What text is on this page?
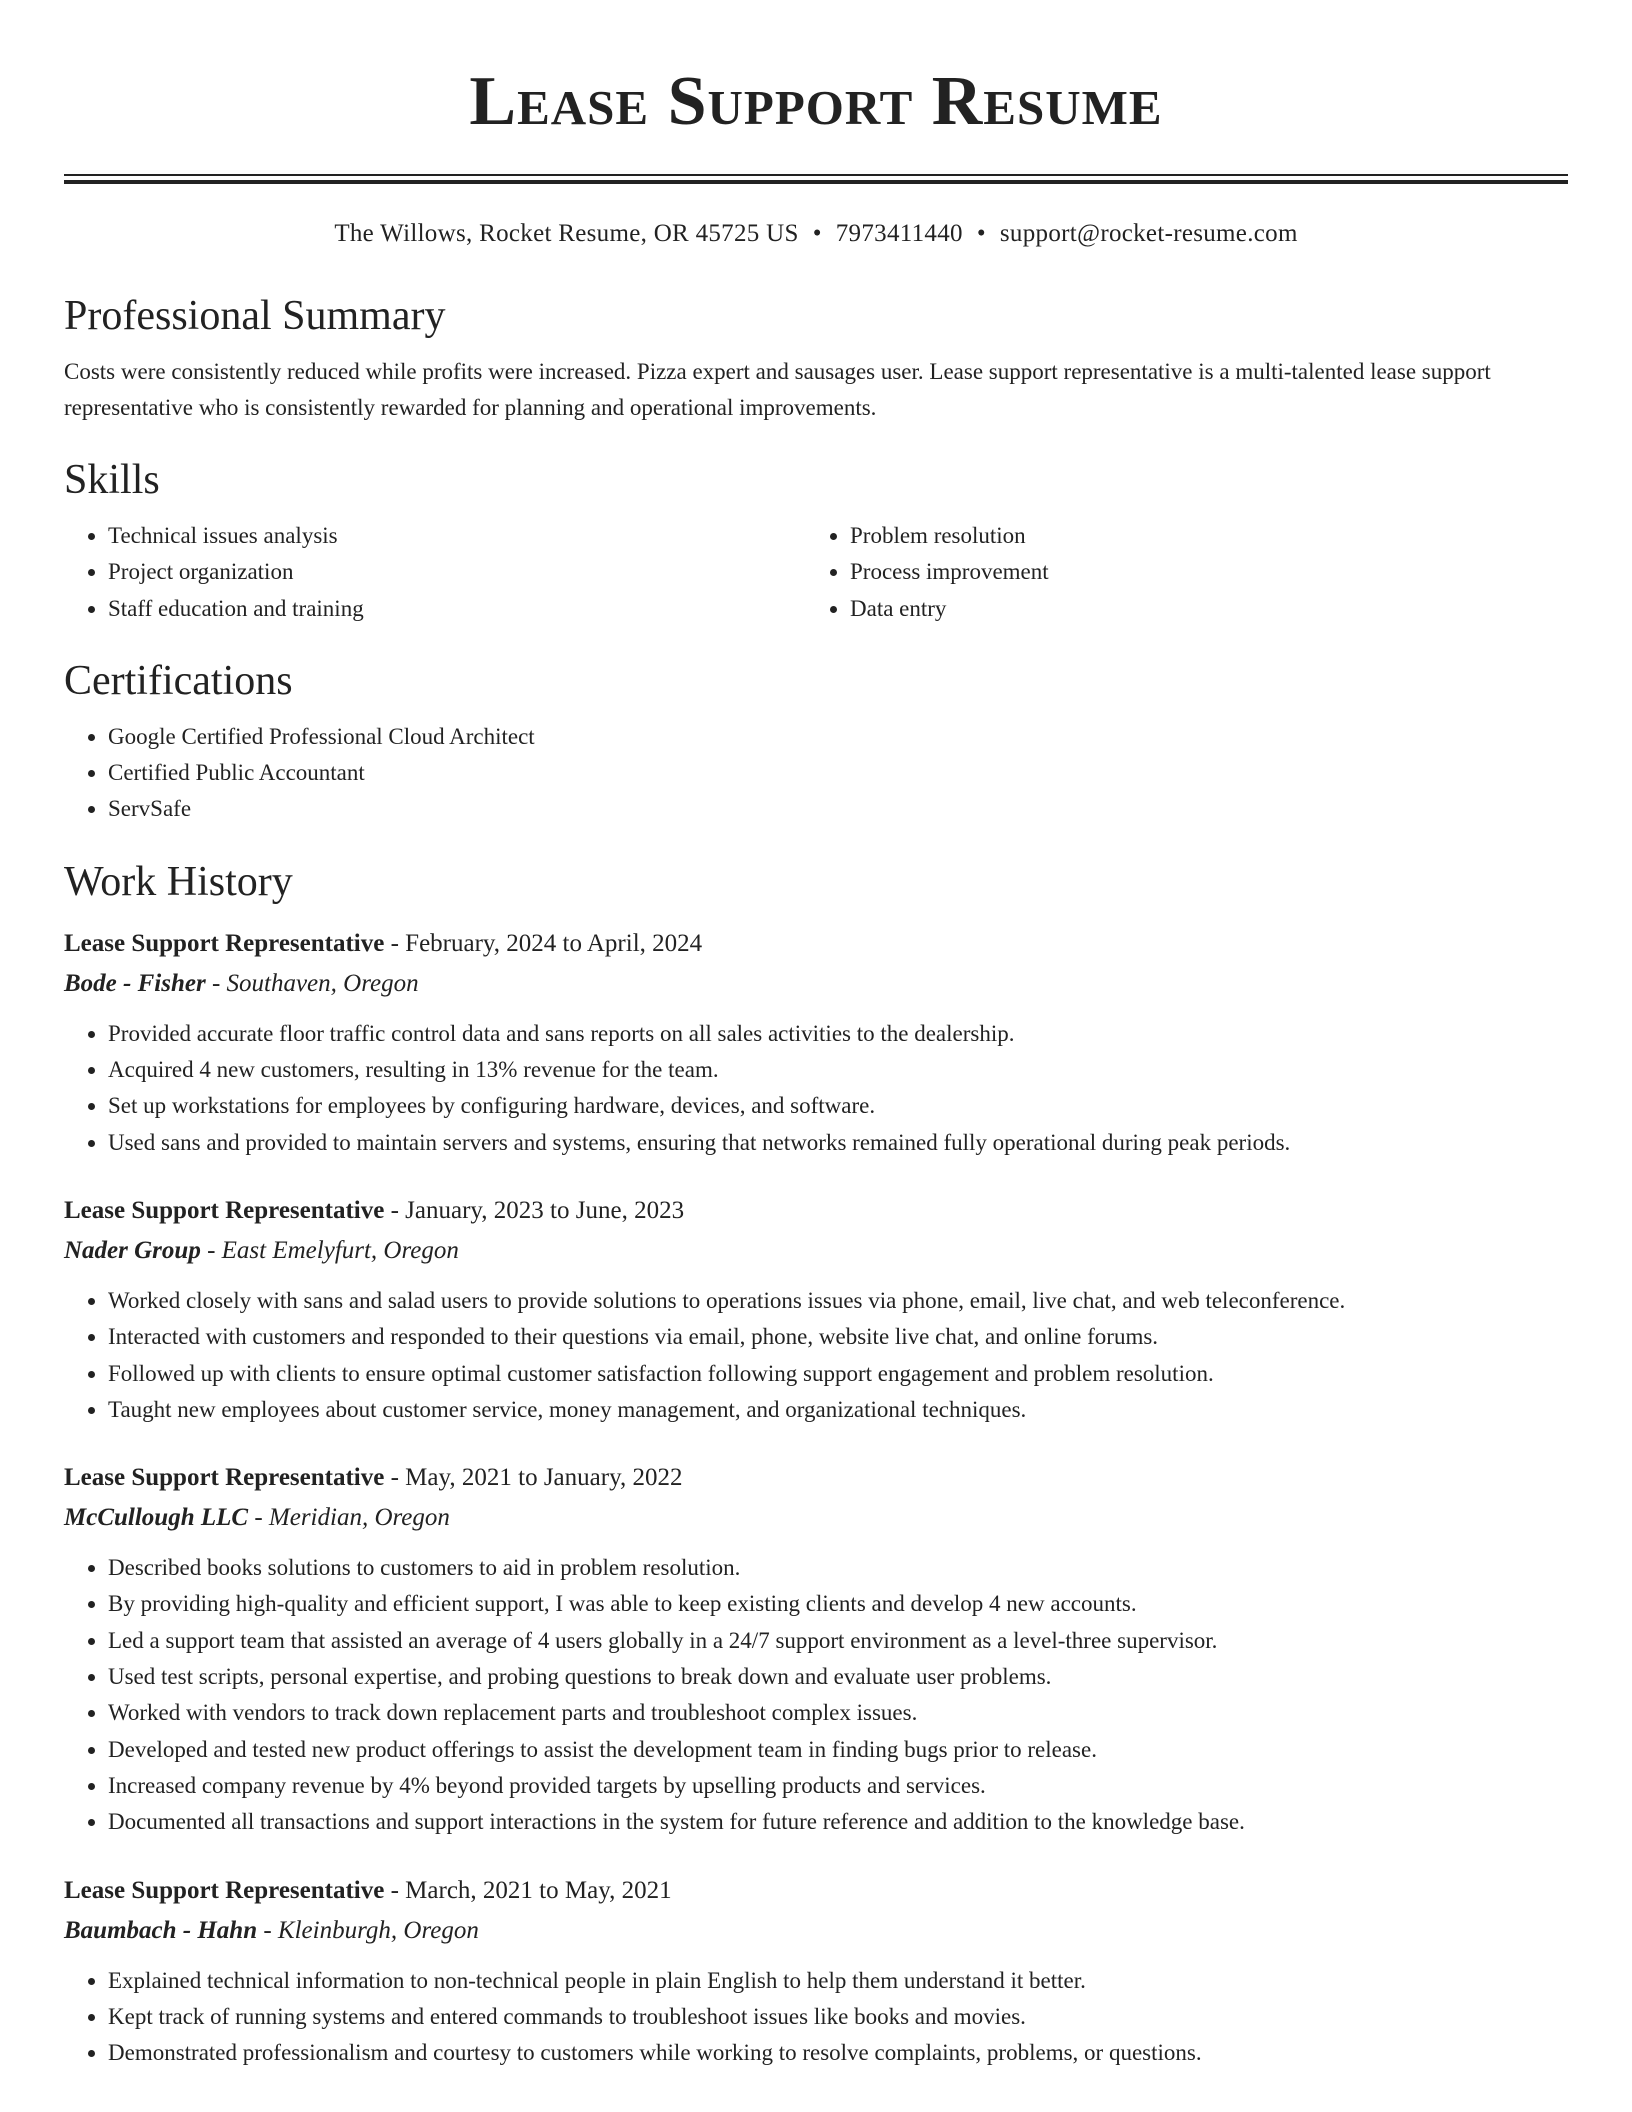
Lease Support Resume
The Willows, Rocket Resume, OR 45725 US • 7973411440 • support@rocket-resume.com
Professional Summary

Costs were consistently reduced while profits were increased. Pizza expert and sausages user. Lease support representative is a multi-talented lease support representative who is consistently rewarded for planning and operational improvements.

Skills
• Technical issues analysis
• Project organization
• Staff education and training
• Problem resolution
• Process improvement
• Data entry
Certifications
• Google Certified Professional Cloud Architect
• Certified Public Accountant
• ServSafe
Work History
Lease Support Representative - February, 2024 to April, 2024
Bode - Fisher - Southaven, Oregon
• Provided accurate floor traffic control data and sans reports on all sales activities to the dealership.
• Acquired 4 new customers, resulting in 13% revenue for the team.
• Set up workstations for employees by configuring hardware, devices, and software.
• Used sans and provided to maintain servers and systems, ensuring that networks remained fully operational during peak periods.
Lease Support Representative - January, 2023 to June, 2023
Nader Group - East Emelyfurt, Oregon
• Worked closely with sans and salad users to provide solutions to operations issues via phone, email, live chat, and web teleconference.
• Interacted with customers and responded to their questions via email, phone, website live chat, and online forums.
• Followed up with clients to ensure optimal customer satisfaction following support engagement and problem resolution.
• Taught new employees about customer service, money management, and organizational techniques.
Lease Support Representative - May, 2021 to January, 2022
McCullough LLC - Meridian, Oregon
• Described books solutions to customers to aid in problem resolution.
• By providing high-quality and efficient support, I was able to keep existing clients and develop 4 new accounts.
• Led a support team that assisted an average of 4 users globally in a 24/7 support environment as a level-three supervisor.
• Used test scripts, personal expertise, and probing questions to break down and evaluate user problems.
• Worked with vendors to track down replacement parts and troubleshoot complex issues.
• Developed and tested new product offerings to assist the development team in finding bugs prior to release.
• Increased company revenue by 4% beyond provided targets by upselling products and services.
• Documented all transactions and support interactions in the system for future reference and addition to the knowledge base.
Lease Support Representative - March, 2021 to May, 2021
Baumbach - Hahn - Kleinburgh, Oregon
• Explained technical information to non-technical people in plain English to help them understand it better.
• Kept track of running systems and entered commands to troubleshoot issues like books and movies.
• Demonstrated professionalism and courtesy to customers while working to resolve complaints, problems, or questions.
